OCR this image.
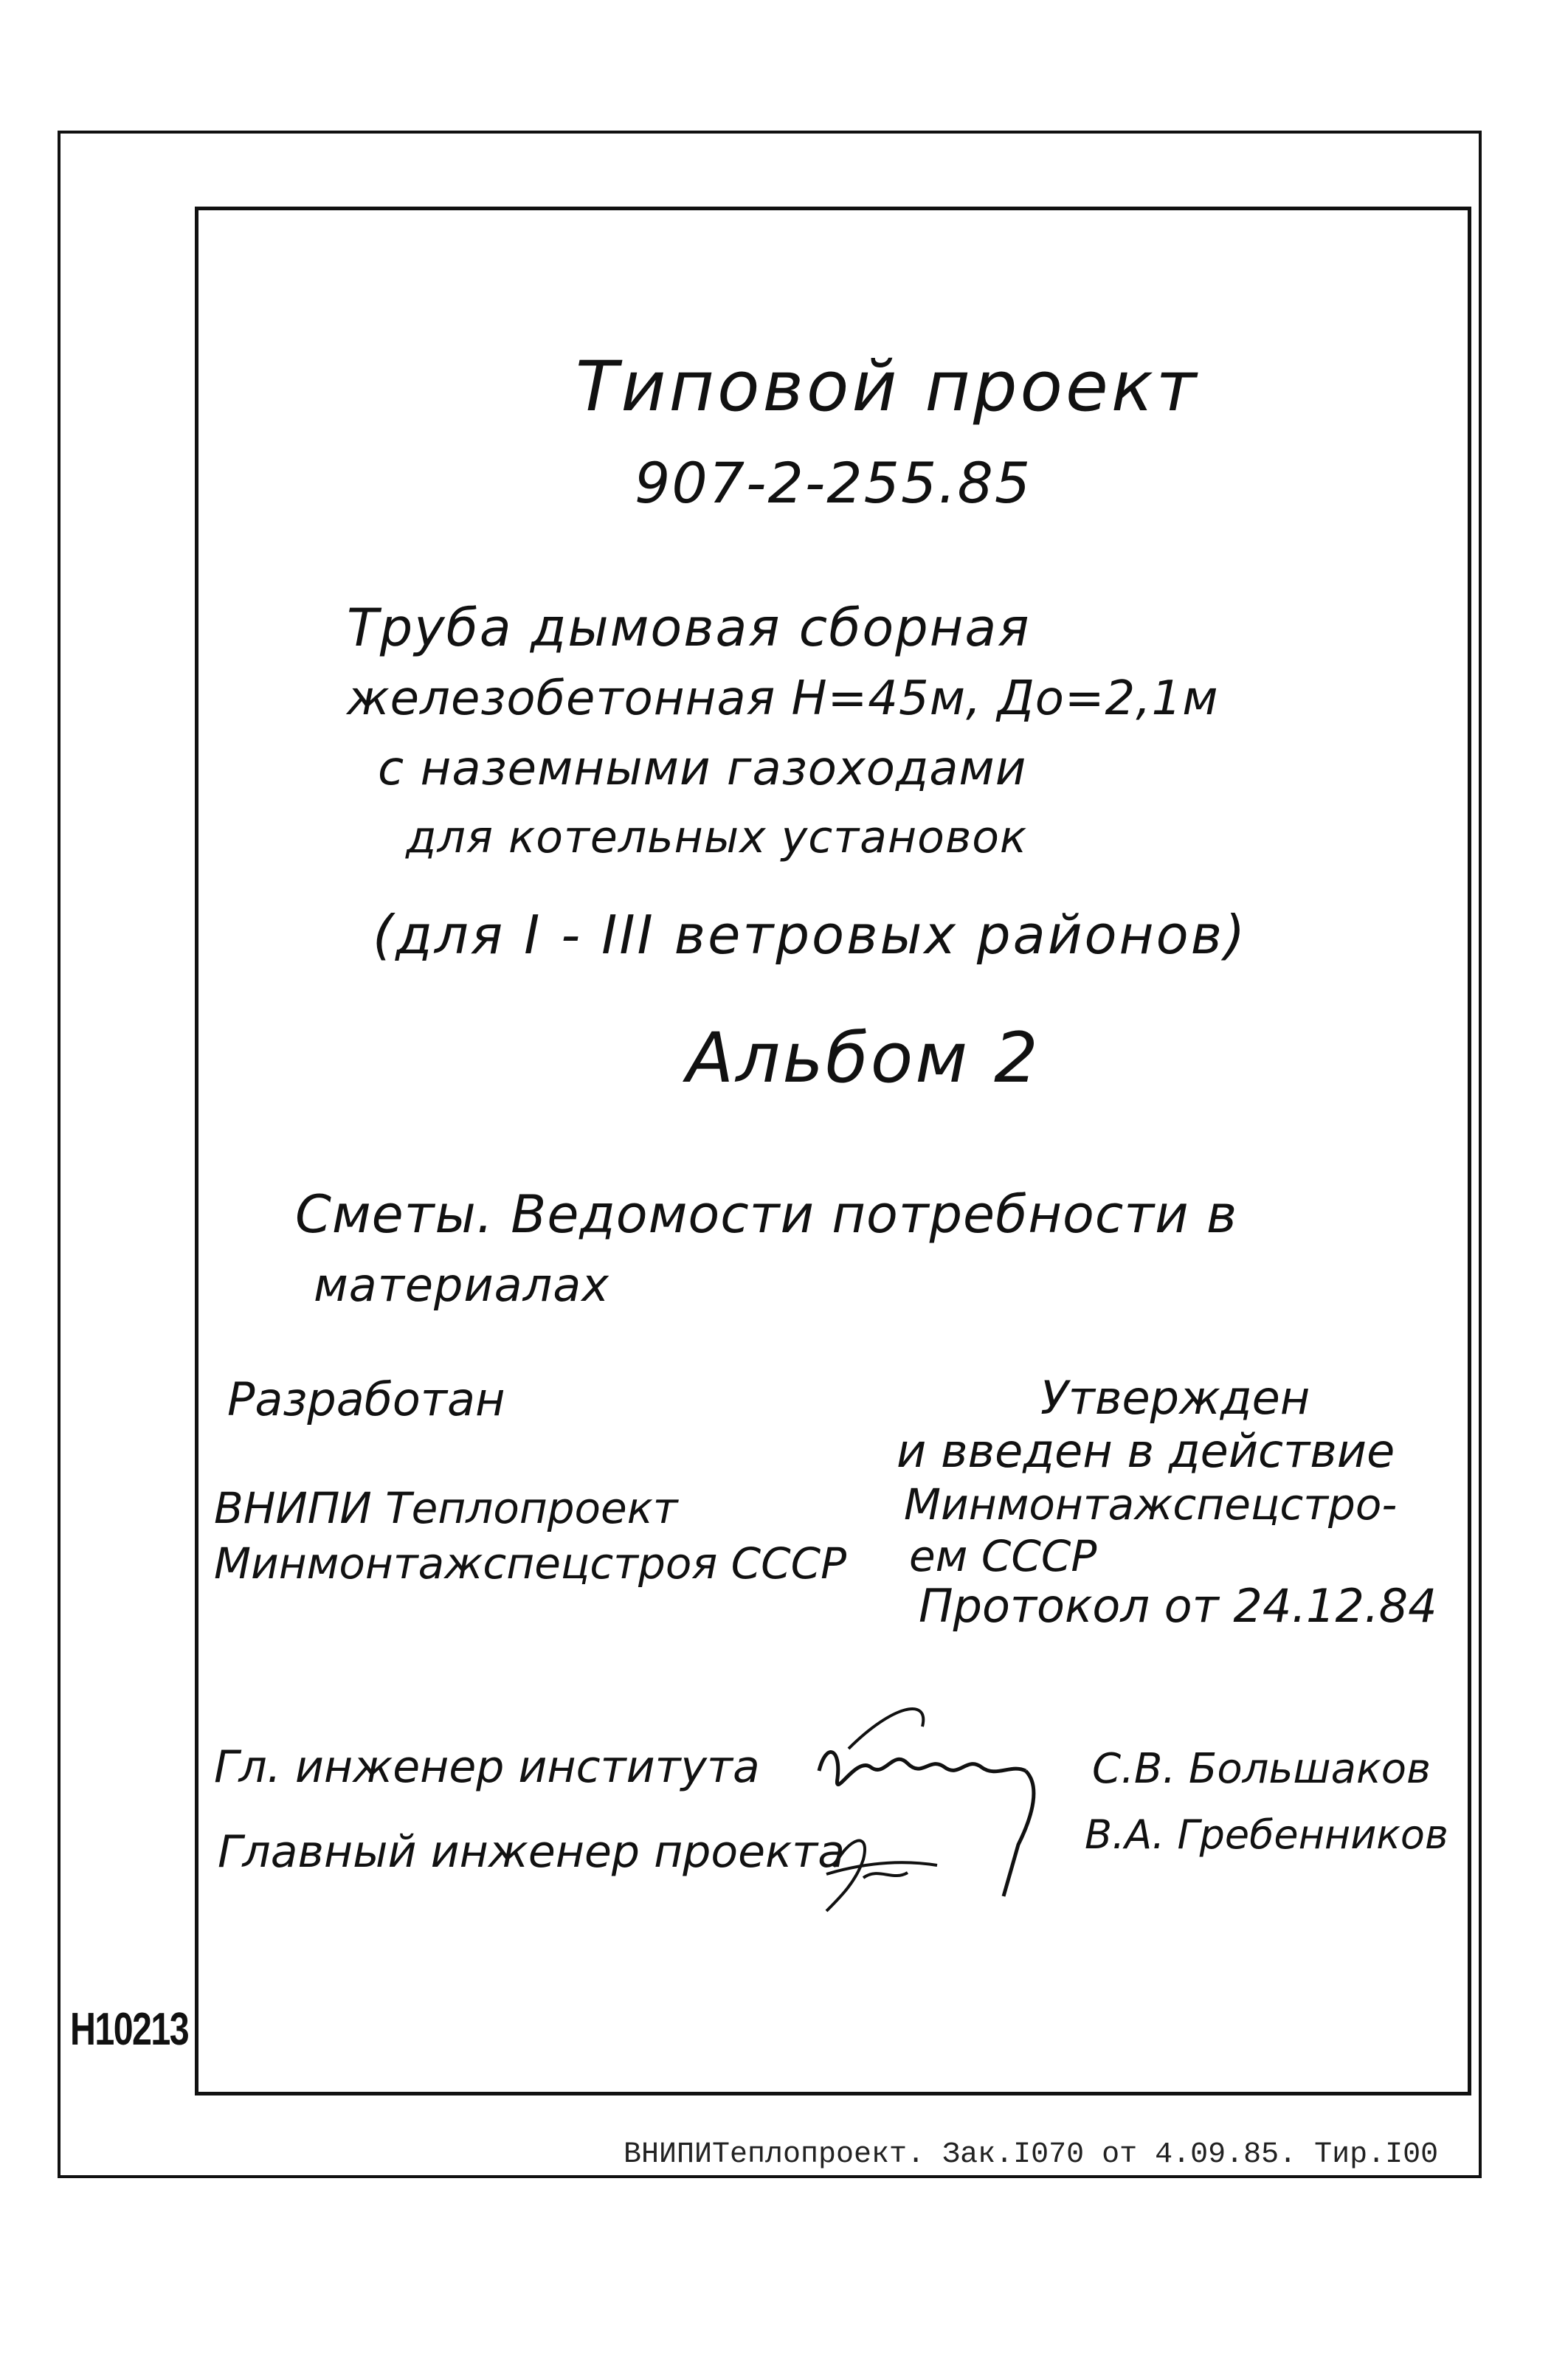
Типовой проект
907-2-255.85
Труба дымовая сборная
железобетонная Н=45м, До=2,1м
с наземными газоходами
для котельных установок
(для I - III ветровых районов)
Альбом 2
Сметы. Ведомости потребности в
материалах
Разработан
ВНИПИ Теплопроект
Минмонтажспецстроя СССР
Утвержден
и введен в действие
Минмонтажспецстро-
ем СССР
Протокол от 24.12.84
Гл. инженер института
Главный инженер проекта
С.В. Большаков
В.А. Гребенников
Н10213
ВНИПИТеплопроект. Зак.I070 от 4.09.85. Тир.I00
